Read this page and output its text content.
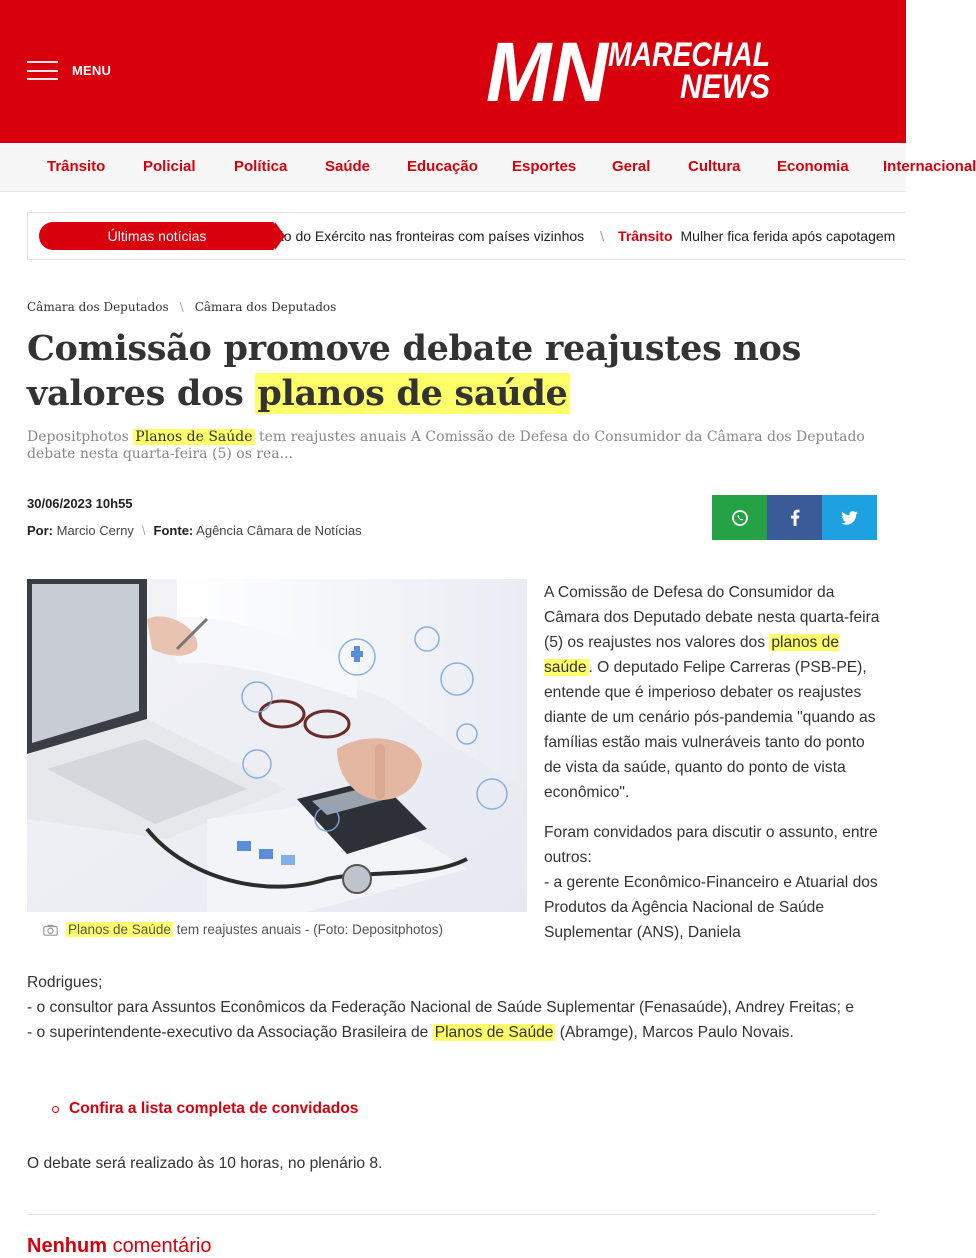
MENU	MN
MARECHAL
NEWS
Trânsito	Policial	Política	Saúde Educação Esportes Geral	Cultura Economia Internacional
Últimas notícias	ão do Exército nas fronteiras com países vizinhos \ Trânsito Mulher fica ferida após capotagem
Câmara dos Deputados \ Câmara dos Deputados
Comissão promove debate reajustes nos valores dos planos de saúde
Depositphotos Planos de Saúde tem reajustes anuais A Comissão de Defesa do Consumidor da Câmara dos Deputado debate nesta quarta-feira (5) os rea...
30/06/2023 10h55
Por: Marcio Cerny \ Fonte: Agência Câmara de Notícias
Planos de Saúde tem reajustes anuais - (Foto: Depositphotos)

A Comissão de Defesa do Consumidor da Câmara dos Deputado debate nesta quarta-feira (5) os reajustes nos valores dos planos de saúde . O deputado Felipe Carreras (PSB-PE), entende que é imperioso debater os reajustes diante de um cenário pós-pandemia "quando as famílias estão mais vulneráveis tanto do ponto de vista da saúde, quanto do ponto de vista econômico".

Foram convidados para discutir o assunto, entre outros:
- a gerente Econômico-Financeiro e Atuarial dos Produtos da Agência Nacional de Saúde Suplementar (ANS), Daniela

Rodrigues;
- o consultor para Assuntos Econômicos da Federação Nacional de Saúde Suplementar (Fenasaúde), Andrey Freitas; e
- o superintendente-executivo da Associação Brasileira de Planos de Saúde (Abramge), Marcos Paulo Novais.
Confira a lista completa de convidados
O debate será realizado às 10 horas, no plenário 8.
Nenhum comentário
